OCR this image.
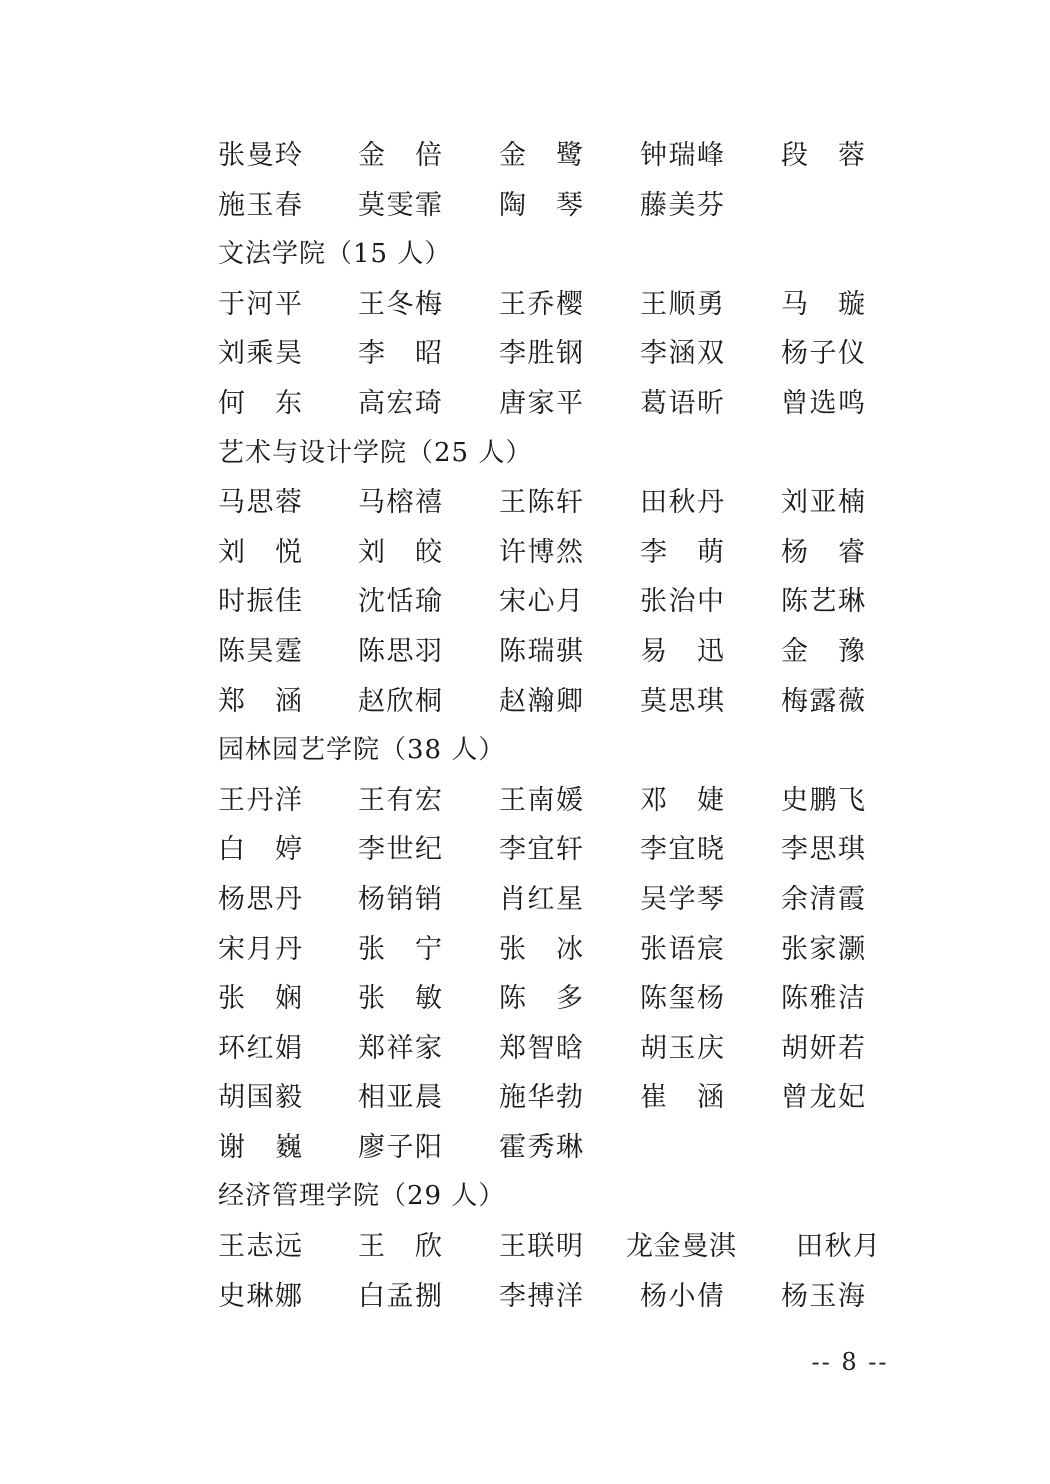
张 曼 玲 金 倍 金 鹭 钟 瑞 峰 段 蓉
施 玉 春 莫 雯 霏 陶 琴 藤 美 芬
文法学院（15 人）
于 河 平 王 冬 梅 王 乔 樱 王 顺 勇 马 璇
刘 乘 昊 李 昭 李 胜 钢 李 涵 双 杨 子 仪
何 东 高 宏 琦 唐 家 平 葛 语 昕 曾 选 鸣
艺术与设计学院（25 人）
马 思 蓉 马 榕 禧 王 陈 轩 田 秋 丹 刘 亚 楠
刘 悦 刘 皎 许 博 然 李 萌 杨 睿
时 振 佳 沈 恬 瑜 宋 心 月 张 治 中 陈 艺 琳
陈 昊 霆 陈 思 羽 陈 瑞 骐 易 迅 金 豫
郑 涵 赵 欣 桐 赵 瀚 卿 莫 思 琪 梅 露 薇
园林园艺学院（38 人）
王 丹 洋 王 有 宏 王 南 媛 邓 婕 史 鹏 飞
白 婷 李 世 纪 李 宜 轩 李 宜 晓 李 思 琪
杨 思 丹 杨 销 销 肖 红 星 吴 学 琴 余 清 霞
宋 月 丹 张 宁 张 冰 张 语 宸 张 家 灏
张 娴 张 敏 陈 多 陈 玺 杨 陈 雅 洁
环 红 娟 郑 祥 家 郑 智 晗 胡 玉 庆 胡 妍 若
胡 国 毅 相 亚 晨 施 华 勃 崔 涵 曾 龙 妃
谢 巍 廖 子 阳 霍 秀 琳
经济管理学院（29 人）
王 志 远 王 欣 王 联 明 龙 金 曼 淇 田 秋 月
史 琳 娜 白 孟 捌 李 搏 洋 杨 小 倩 杨 玉 海
-- 8 --
